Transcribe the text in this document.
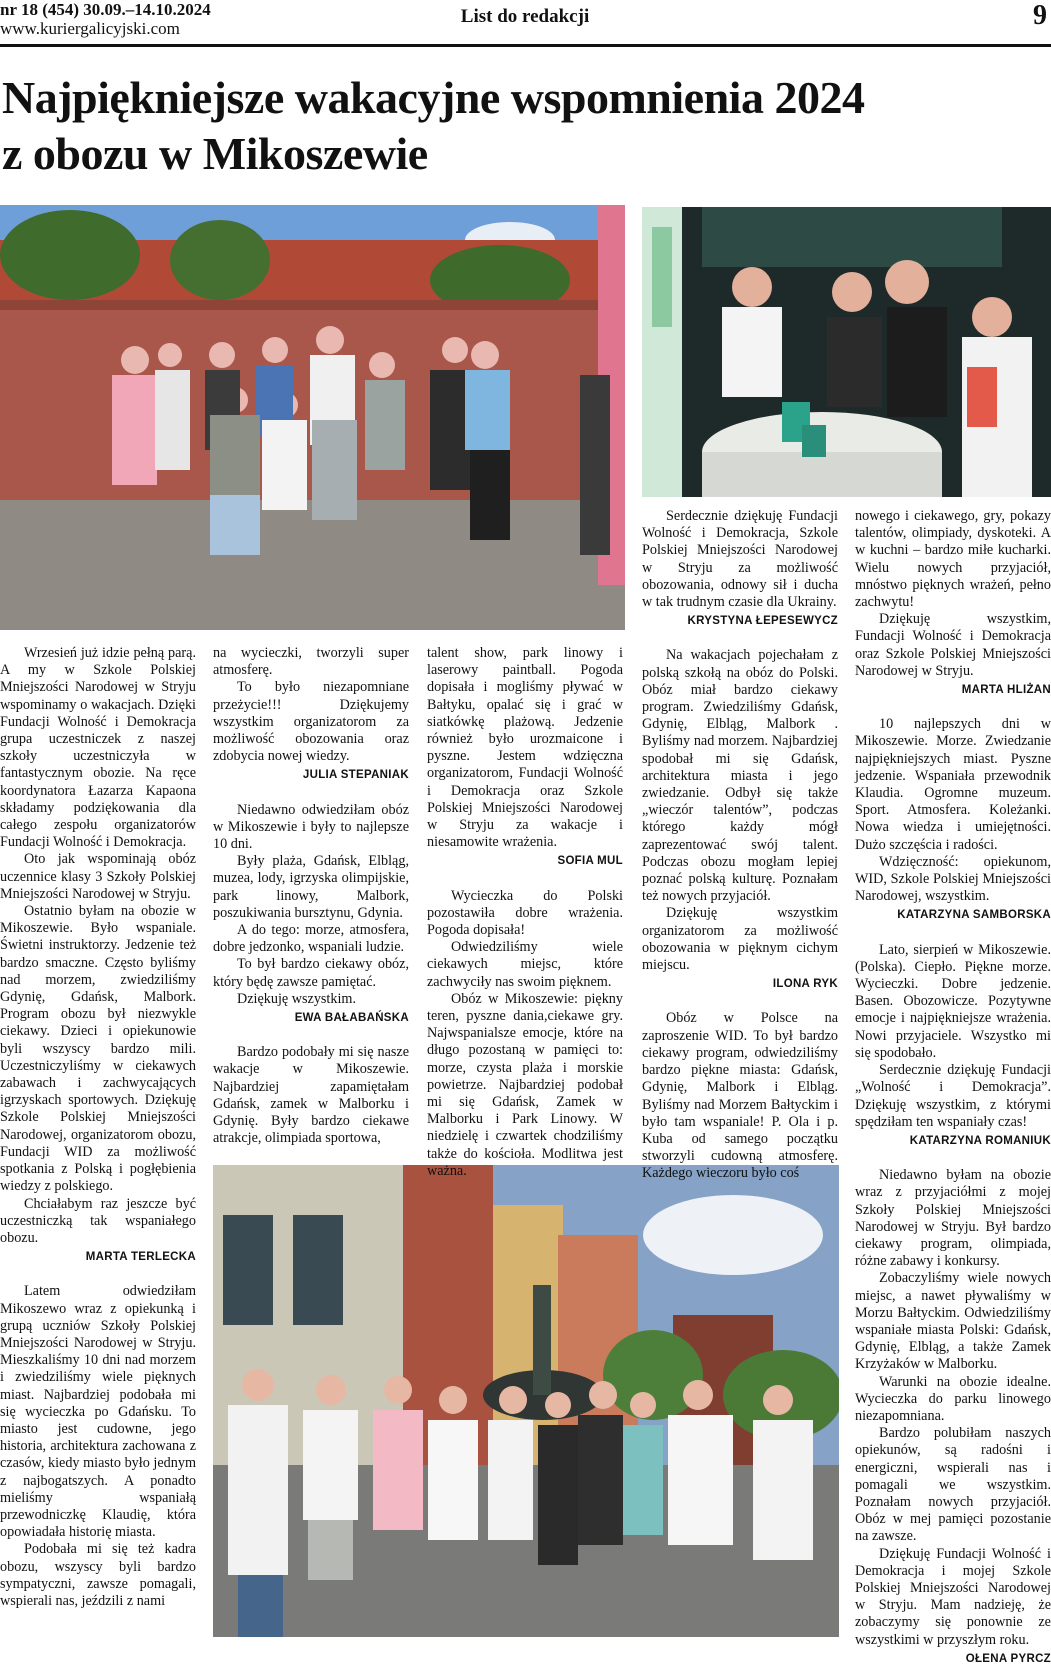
nr 18 (454) 30.09.–14.10.2024
www.kuriergalicyjski.com
List do redakcji	9
Najpiękniejsze wakacyjne wspomnienia 2024
z obozu w Mikoszewie

Wrzesień już idzie pełną parą. A my w Szkole Polskiej Mniejszości Narodowej w Stryju wspominamy o wakacjach. Dzięki Fundacji Wolność i Demokracja grupa uczestniczek z naszej szkoły uczestniczyła w fantastycznym obozie. Na ręce koordynatora Łazarza Kapaona składamy podziękowania dla całego zespołu organizatorów Fundacji Wolność i Demokracja.

Oto jak wspominają obóz uczennice klasy 3 Szkoły Polskiej Mniejszości Narodowej w Stryju.

Ostatnio byłam na obozie w Mikoszewie. Było wspaniale. Świetni instruktorzy. Jedzenie też bardzo smaczne. Często byliśmy nad morzem, zwiedziliśmy Gdynię, Gdańsk, Malbork. Program obozu był niezwykle ciekawy. Dzieci i opiekunowie byli wszyscy bardzo mili. Uczestniczyliśmy w ciekawych zabawach i zachwycających igrzyskach sportowych. Dziękuję Szkole Polskiej Mniejszości Narodowej, organizatorom obozu, Fundacji WID za możliwość spotkania z Polską i pogłębienia wiedzy z polskiego.

Chciałabym raz jeszcze być uczestniczką tak wspaniałego obozu.

MARTA TERLECKA

Latem odwiedziłam Mikoszewo wraz z opiekunką i grupą uczniów Szkoły Polskiej Mniejszości Narodowej w Stryju. Mieszkaliśmy 10 dni nad morzem i zwiedziliśmy wiele pięknych miast. Najbardziej podobała mi się wycieczka po Gdańsku. To miasto jest cudowne, jego historia, architektura zachowana z czasów, kiedy miasto było jednym z najbogatszych. A ponadto mieliśmy wspaniałą przewodniczkę Klaudię, która opowiadała historię miasta.

Podobała mi się też kadra obozu, wszyscy byli bardzo sympatyczni, zawsze pomagali, wspierali nas, jeździli z nami

na wycieczki, tworzyli super atmosferę.

To było niezapomniane przeżycie!!! Dziękujemy wszystkim organizatorom za możliwość obozowania oraz zdobycia nowej wiedzy.

JULIA STEPANIAK

Niedawno odwiedziłam obóz w Mikoszewie i były to najlepsze 10 dni.

Były plaża, Gdańsk, Elbląg, muzea, lody, igrzyska olimpijskie, park linowy, Malbork, poszukiwania bursztynu, Gdynia.

A do tego: morze, atmosfera, dobre jedzonko, wspaniali ludzie.

To był bardzo ciekawy obóz, który będę zawsze pamiętać.

Dziękuję wszystkim.

EWA BAŁABAŃSKA

Bardzo podobały mi się nasze wakacje w Mikoszewie. Najbardziej zapamiętałam Gdańsk, zamek w Malborku i Gdynię. Były bardzo ciekawe atrakcje, olimpiada sportowa,

talent show, park linowy i laserowy paintball. Pogoda dopisała i mogliśmy pływać w Bałtyku, opalać się i grać w siatkówkę plażową. Jedzenie również było urozmaicone i pyszne. Jestem wdzięczna organizatorom, Fundacji Wolność i Demokracja oraz Szkole Polskiej Mniejszości Narodowej w Stryju za wakacje i niesamowite wrażenia.

SOFIA MUL

Wycieczka do Polski pozostawiła dobre wrażenia. Pogoda dopisała!

Odwiedziliśmy wiele ciekawych miejsc, które zachwyciły nas swoim pięknem.

Obóz w Mikoszewie: piękny teren, pyszne dania,ciekawe gry. Najwspanialsze emocje, które na długo pozostaną w pamięci to: morze, czysta plaża i morskie powietrze. Najbardziej podobał mi się Gdańsk, Zamek w Malborku i Park Linowy. W niedzielę i czwartek chodziliśmy także do kościoła. Modlitwa jest ważna.

Serdecznie dziękuję Fundacji Wolność i Demokracja, Szkole Polskiej Mniejszości Narodowej w Stryju za możliwość obozowania, odnowy sił i ducha w tak trudnym czasie dla Ukrainy.

KRYSTYNA ŁEPESEWYCZ

Na wakacjach pojechałam z polską szkołą na obóz do Polski. Obóz miał bardzo ciekawy program. Zwiedziliśmy Gdańsk, Gdynię, Elbląg, Malbork . Byliśmy nad morzem. Najbardziej spodobał mi się Gdańsk, architektura miasta i jego zwiedzanie. Odbył się także „wieczór talentów”, podczas którego każdy mógł zaprezentować swój talent. Podczas obozu mogłam lepiej poznać polską kulturę. Poznałam też nowych przyjaciół.

Dziękuję wszystkim organizatorom za możliwość obozowania w pięknym cichym miejscu.

ILONA RYK

Obóz w Polsce na zaproszenie WID. To był bardzo ciekawy program, odwiedziliśmy bardzo piękne miasta: Gdańsk, Gdynię, Malbork i Elbląg. Byliśmy nad Morzem Bałtyckim i było tam wspaniale! P. Ola i p. Kuba od samego początku stworzyli cudowną atmosferę. Każdego wieczoru było coś

nowego i ciekawego, gry, pokazy talentów, olimpiady, dyskoteki. A w kuchni – bardzo miłe kucharki. Wielu nowych przyjaciół, mnóstwo pięknych wrażeń, pełno zachwytu!

Dziękuję wszystkim, Fundacji Wolność i Demokracja oraz Szkole Polskiej Mniejszości Narodowej w Stryju.

MARTA HLIŻAN

10 najlepszych dni w Mikoszewie. Morze. Zwiedzanie najpiękniejszych miast. Pyszne jedzenie. Wspaniała przewodnik Klaudia. Ogromne muzeum. Sport. Atmosfera. Koleżanki. Nowa wiedza i umiejętności. Dużo szczęścia i radości.

Wdzięczność: opiekunom, WID, Szkole Polskiej Mniejszości Narodowej, wszystkim.

KATARZYNA SAMBORSKA

Lato, sierpień w Mikoszewie. (Polska). Ciepło. Piękne morze. Wycieczki. Dobre jedzenie. Basen. Obozowicze. Pozytywne emocje i najpiękniejsze wrażenia. Nowi przyjaciele. Wszystko mi się spodobało.

Serdecznie dziękuję Fundacji „Wolność i Demokracja”. Dziękuję wszystkim, z którymi spędziłam ten wspaniały czas!

KATARZYNA ROMANIUK

Niedawno byłam na obozie wraz z przyjaciółmi z mojej Szkoły Polskiej Mniejszości Narodowej w Stryju. Był bardzo ciekawy program, olimpiada, różne zabawy i konkursy.

Zobaczyliśmy wiele nowych miejsc, a nawet pływaliśmy w Morzu Bałtyckim. Odwiedziliśmy wspaniałe miasta Polski: Gdańsk, Gdynię, Elbląg, a także Zamek Krzyżaków w Malborku.

Warunki na obozie idealne. Wycieczka do parku linowego niezapomniana.

Bardzo polubiłam naszych opiekunów, są radośni i energiczni, wspierali nas i pomagali we wszystkim. Poznałam nowych przyjaciół. Obóz w mej pamięci pozostanie na zawsze.

Dziękuję Fundacji Wolność i Demokracja i mojej Szkole Polskiej Mniejszości Narodowej w Stryju. Mam nadzieję, że zobaczymy się ponownie ze wszystkimi w przyszłym roku.

OŁENA PYRCZ
